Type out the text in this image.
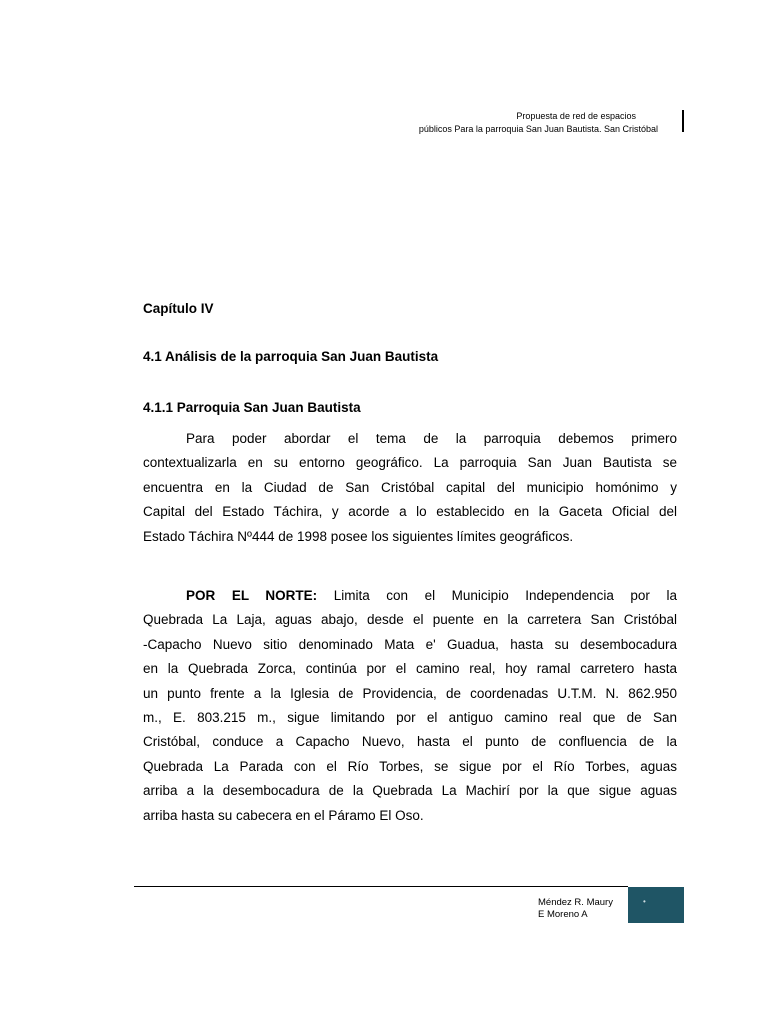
Propuesta de red de espacios
públicos Para la parroquia San Juan Bautista. San Cristóbal
Capítulo IV
4.1 Análisis de la parroquia San Juan Bautista
4.1.1 Parroquia San Juan Bautista
Para poder abordar el tema de la parroquia debemos primero
contextualizarla en su entorno geográfico. La parroquia San Juan Bautista se
encuentra en la Ciudad de San Cristóbal capital del municipio homónimo y
Capital del Estado Táchira, y acorde a lo establecido en la Gaceta Oficial del
Estado Táchira Nº444 de 1998 posee los siguientes límites geográficos.
POR EL NORTE: Limita con el Municipio Independencia por la
Quebrada La Laja, aguas abajo, desde el puente en la carretera San Cristóbal
-Capacho Nuevo sitio denominado Mata e' Guadua, hasta su desembocadura
en la Quebrada Zorca, continúa por el camino real, hoy ramal carretero hasta
un punto frente a la Iglesia de Providencia, de coordenadas U.T.M. N. 862.950
m., E. 803.215 m., sigue limitando por el antiguo camino real que de San
Cristóbal, conduce a Capacho Nuevo, hasta el punto de confluencia de la
Quebrada La Parada con el Río Torbes, se sigue por el Río Torbes, aguas
arriba a la desembocadura de la Quebrada La Machirí por la que sigue aguas
arriba hasta su cabecera en el Páramo El Oso.
Méndez R. Maury
E Moreno A
•
